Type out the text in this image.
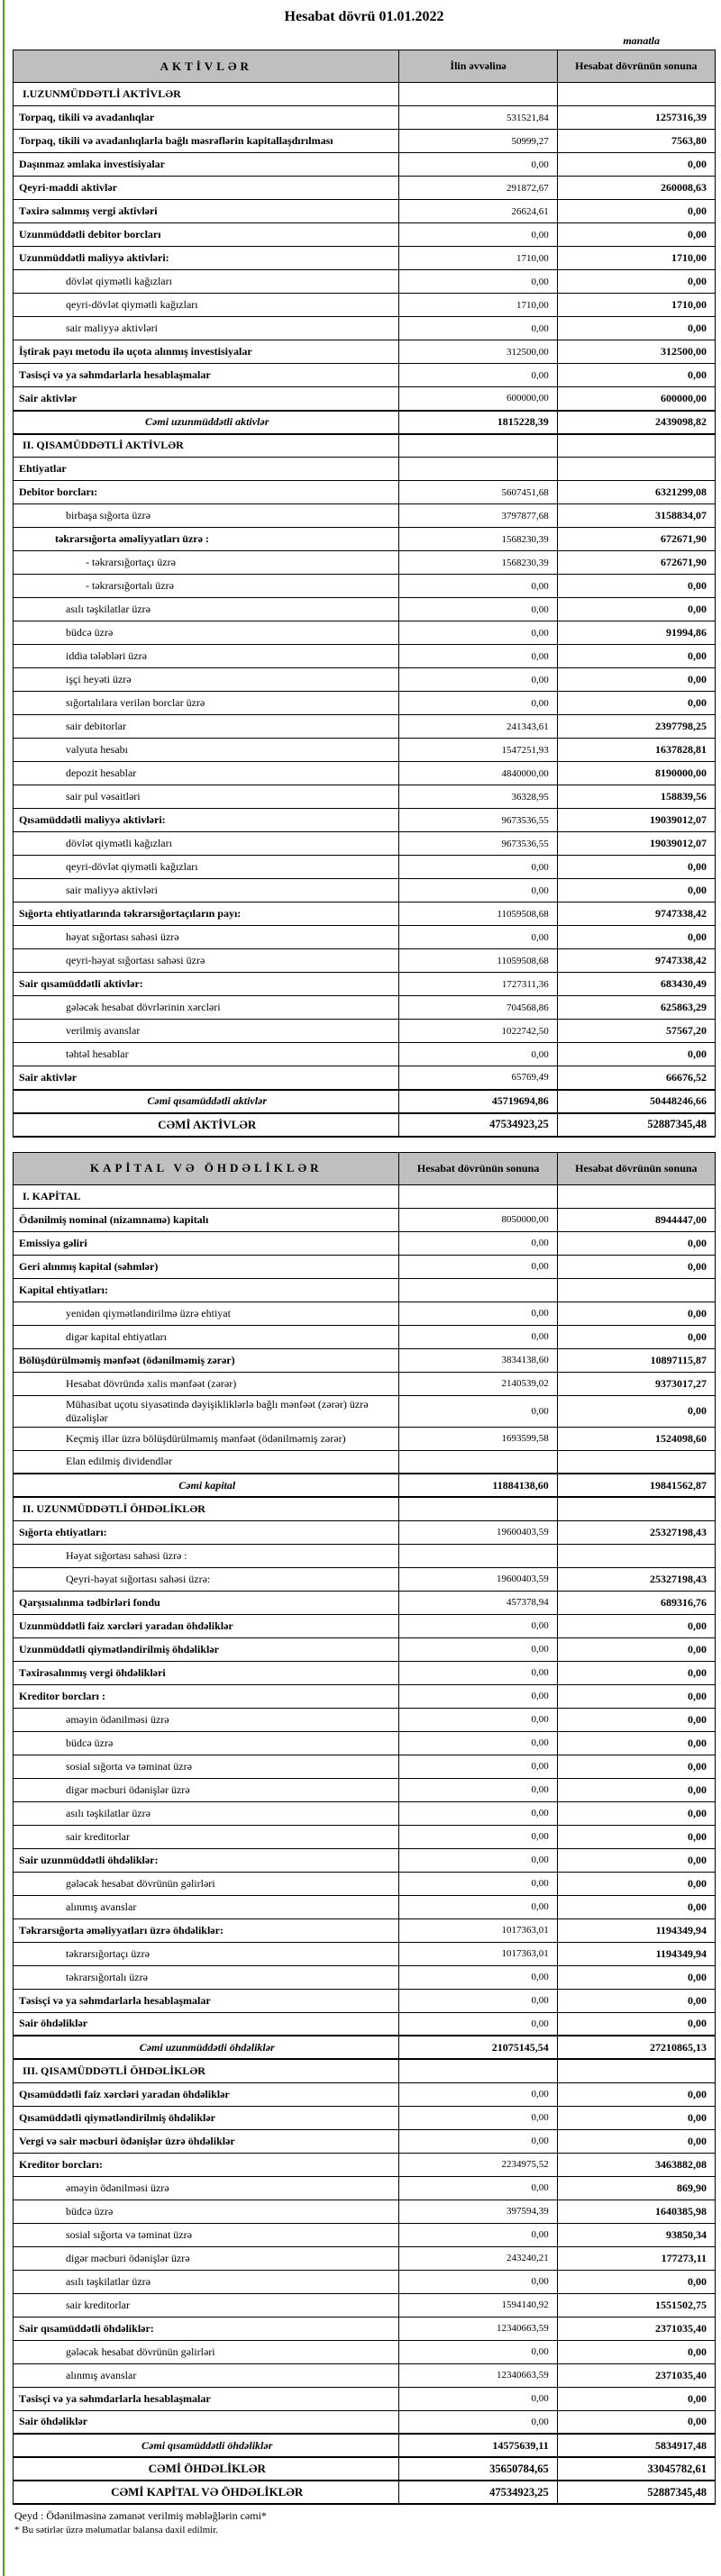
Hesabat dövrü 01.01.2022
manatla
AKTİVLƏR	İlin əvvəlinə	Hesabat dövrünün sonuna
I.UZUNMÜDDƏTLİ AKTİVLƏR		
Torpaq, tikili və avadanlıqlar	531521,84	1257316,39
Torpaq, tikili və avadanlıqlarla bağlı məsrəflərin kapitallaşdırılması	50999,27	7563,80
Daşınmaz əmlaka investisiyalar	0,00	0,00
Qeyri-maddi aktivlər	291872,67	260008,63
Təxirə salınmış vergi aktivləri	26624,61	0,00
Uzunmüddətli debitor borcları	0,00	0,00
Uzunmüddətli maliyyə aktivləri:	1710,00	1710,00
dövlət qiymətli kağızları	0,00	0,00
qeyri-dövlət qiymətli kağızları	1710,00	1710,00
sair maliyyə aktivləri	0,00	0,00
İştirak payı metodu ilə uçota alınmış investisiyalar	312500,00	312500,00
Təsisçi və ya səhmdarlarla hesablaşmalar	0,00	0,00
Sair aktivlər	600000,00	600000,00
Cəmi uzunmüddətli aktivlər	1815228,39	2439098,82
II. QISAMÜDDƏTLİ AKTİVLƏR		
Ehtiyatlar		
Debitor borcları:	5607451,68	6321299,08
birbaşa sığorta üzrə	3797877,68	3158834,07
təkrarsığorta əməliyyatları üzrə :	1568230,39	672671,90
- təkrarsığortaçı üzrə	1568230,39	672671,90
- təkrarsığortalı üzrə	0,00	0,00
asılı təşkilatlar üzrə	0,00	0,00
büdcə üzrə	0,00	91994,86
iddia tələbləri üzrə	0,00	0,00
işçi heyəti üzrə	0,00	0,00
sığortalılara verilən borclar üzrə	0,00	0,00
sair debitorlar	241343,61	2397798,25
valyuta hesabı	1547251,93	1637828,81
depozit hesablar	4840000,00	8190000,00
sair pul vəsaitləri	36328,95	158839,56
Qısamüddətli maliyyə aktivləri:	9673536,55	19039012,07
dövlət qiymətli kağızları	9673536,55	19039012,07
qeyri-dövlət qiymətli kağızları	0,00	0,00
sair maliyyə aktivləri	0,00	0,00
Sığorta ehtiyatlarında təkrarsığortaçıların payı:	11059508,68	9747338,42
həyat sığortası sahəsi üzrə	0,00	0,00
qeyri-həyat sığortası sahəsi üzrə	11059508,68	9747338,42
Sair qısamüddətli aktivlər:	1727311,36	683430,49
gələcək hesabat dövrlərinin xərcləri	704568,86	625863,29
verilmiş avanslar	1022742,50	57567,20
təhtəl hesablar	0,00	0,00
Sair aktivlər	65769,49	66676,52
Cəmi qısamüddətli aktivlər	45719694,86	50448246,66
CƏMİ AKTİVLƏR	47534923,25	52887345,48
KAPİTAL VƏ ÖHDƏLİKLƏR	Hesabat dövrünün sonuna	Hesabat dövrünün sonuna
I. KAPİTAL		
Ödənilmiş nominal (nizamnamə) kapitalı	8050000,00	8944447,00
Emissiya gəliri	0,00	0,00
Geri alınmış kapital (səhmlər)	0,00	0,00
Kapital ehtiyatları:		
yenidən qiymətləndirilmə üzrə ehtiyat	0,00	0,00
digər kapital ehtiyatları	0,00	0,00
Bölüşdürülməmiş mənfəət (ödənilməmiş zərər)	3834138,60	10897115,87
Hesabat dövründə xalis mənfəət (zərər)	2140539,02	9373017,27
Mühasibat uçotu siyasətində dəyişikliklərlə bağlı mənfəət (zərər) üzrə düzəlişlər	0,00	0,00
Keçmiş illər üzrə bölüşdürülməmiş mənfəət (ödənilməmiş zərər)	1693599,58	1524098,60
Elan edilmiş dividendlər		
Cəmi kapital	11884138,60	19841562,87
II. UZUNMÜDDƏTLİ ÖHDƏLİKLƏR		
Sığorta ehtiyatları:	19600403,59	25327198,43
Həyat sığortası sahəsi üzrə :		
Qeyri-həyat sığortası sahəsi üzrə:	19600403,59	25327198,43
Qarşısıalınma tədbirləri fondu	457378,94	689316,76
Uzunmüddətli faiz xərcləri yaradan öhdəliklər	0,00	0,00
Uzunmüddətli qiymətləndirilmiş öhdəliklər	0,00	0,00
Təxirəsalınmış vergi öhdəlikləri	0,00	0,00
Kreditor borcları :	0,00	0,00
əməyin ödənilməsi üzrə	0,00	0,00
büdcə üzrə	0,00	0,00
sosial sığorta və təminat üzrə	0,00	0,00
digər məcburi ödənişlər üzrə	0,00	0,00
asılı təşkilatlar üzrə	0,00	0,00
sair kreditorlar	0,00	0,00
Sair uzunmüddətli öhdəliklər:	0,00	0,00
gələcək hesabat dövrünün gəlirləri	0,00	0,00
alınmış avanslar	0,00	0,00
Təkrarsığorta əməliyyatları üzrə öhdəliklər:	1017363,01	1194349,94
təkrarsığortaçı üzrə	1017363,01	1194349,94
təkrarsığortalı üzrə	0,00	0,00
Təsisçi və ya səhmdarlarla hesablaşmalar	0,00	0,00
Sair öhdəliklər	0,00	0,00
Cəmi uzunmüddətli öhdəliklər	21075145,54	27210865,13
III. QISAMÜDDƏTLİ ÖHDƏLİKLƏR		
Qısamüddətli faiz xərcləri yaradan öhdəliklər	0,00	0,00
Qısamüddətli qiymətləndirilmiş öhdəliklər	0,00	0,00
Vergi və sair məcburi ödənişlər üzrə öhdəliklər	0,00	0,00
Kreditor borcları:	2234975,52	3463882,08
əməyin ödənilməsi üzrə	0,00	869,90
büdcə üzrə	397594,39	1640385,98
sosial sığorta və təminat üzrə	0,00	93850,34
digər məcburi ödənişlər üzrə	243240,21	177273,11
asılı təşkilatlar üzrə	0,00	0,00
sair kreditorlar	1594140,92	1551502,75
Sair qısamüddətli öhdəliklər:	12340663,59	2371035,40
gələcək hesabat dövrünün gəlirləri	0,00	0,00
alınmış avanslar	12340663,59	2371035,40
Təsisçi və ya səhmdarlarla hesablaşmalar	0,00	0,00
Sair öhdəliklər	0,00	0,00
Cəmi qısamüddətli öhdəliklər	14575639,11	5834917,48
CƏMİ ÖHDƏLİKLƏR	35650784,65	33045782,61
CƏMİ KAPİTAL VƏ ÖHDƏLİKLƏR	47534923,25	52887345,48
Qeyd : Ödənilməsinə zəmanət verilmiş məbləğlərin cəmi*
* Bu sətirlər üzrə məlumatlar balansa daxil edilmir.
